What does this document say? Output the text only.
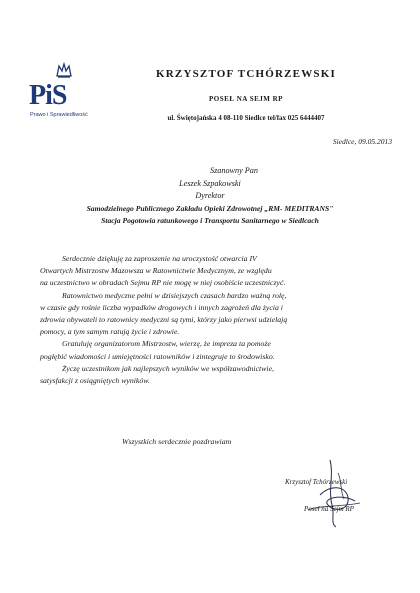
PiS
Prawo i Sprawiedliwość
KRZYSZTOF TCHÓRZEWSKI
POSEŁ NA SEJM RP
ul. Świętojańska 4 08-110 Siedlce tel/fax 025 6444407
Siedlce, 09.05.2013
Szanowny Pan
Leszek Szpakowski
Dyrektor
Samodzielnego Publicznego Zakładu Opieki Zdrowotnej „RM- MEDITRANS"
Stacja Pogotowia ratunkowego i Transportu Sanitarnego w Siedlcach

Serdecznie dziękuję za zaproszenie na uroczystość otwarcia IV

Otwartych Mistrzostw Mazowsza w Ratownictwie Medycznym, ze względu

na uczestnictwo w obradach Sejmu RP nie mogę w niej osobiście uczestniczyć.

Ratownictwo medyczne pełni w dzisiejszych czasach bardzo ważną rolę,

w czasie gdy rośnie liczba wypadków drogowych i innych zagrożeń dla życia i

zdrowia obywateli to ratownicy medyczni są tymi, którzy jako pierwsi udzielają

pomocy, a tym samym ratują życie i zdrowie.

Gratuluję organizatorom Mistrzostw, wierzę, że impreza ta pomoże

pogłębić wiadomości i umiejętności ratowników i zintegruje to środowisko.

Życzę uczestnikom jak najlepszych wyników we współzawodnictwie,

satysfakcji z osiągniętych wyników.

Wszystkich serdecznie pozdrawiam
Krzysztof Tchórzewski
Poseł na Sejm RP
